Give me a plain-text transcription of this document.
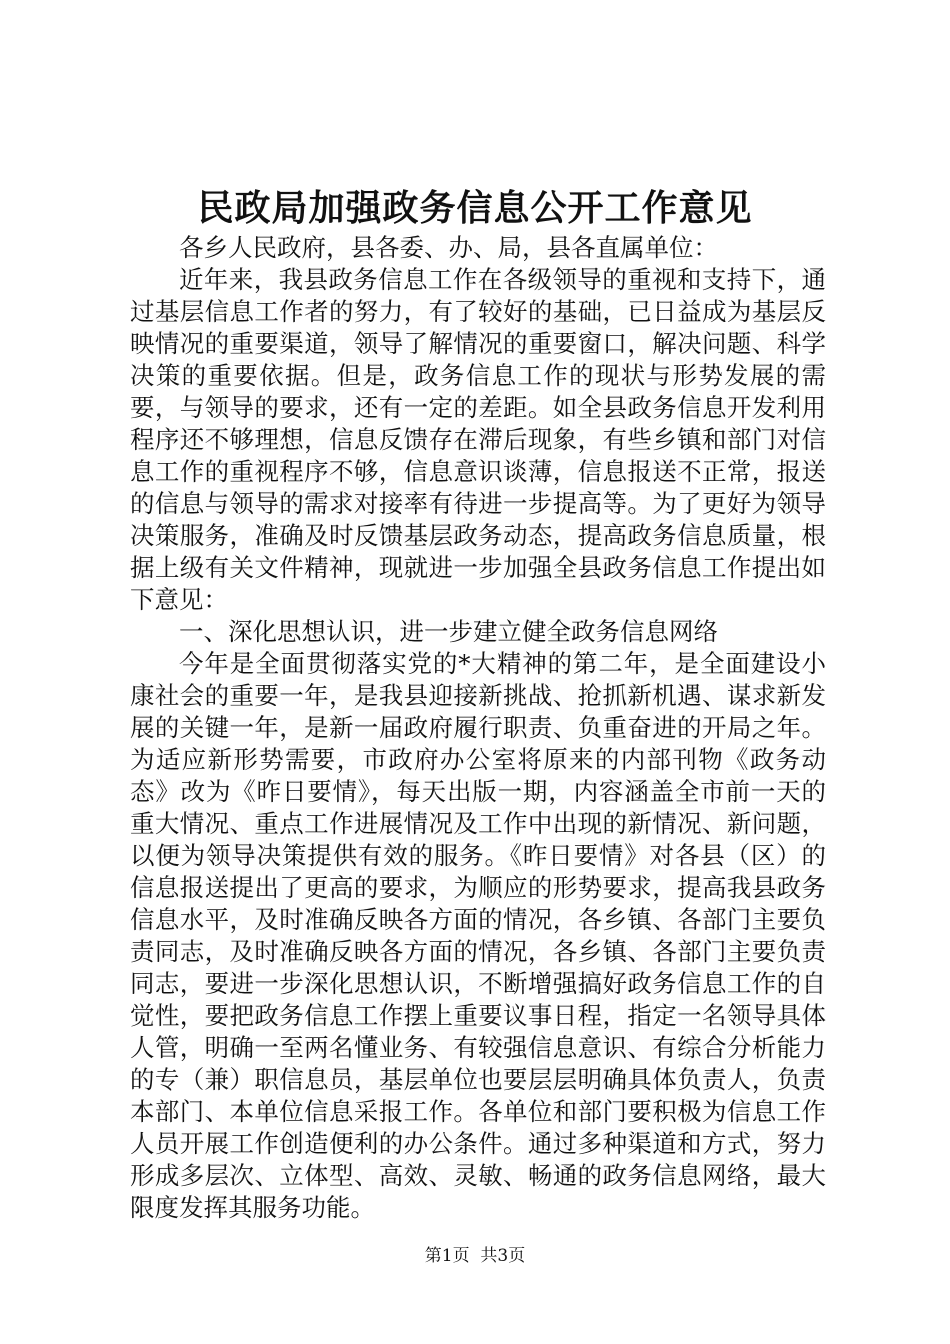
民政局加强政务信息公开工作意见

各乡人民政府，县各委、办、局，县各直属单位：

近年来，我县政务信息工作在各级领导的重视和支持下，通过基层信息工作者的努力，有了较好的基础，已日益成为基层反映情况的重要渠道，领导了解情况的重要窗口，解决问题、科学决策的重要依据。但是，政务信息工作的现状与形势发展的需要，与领导的要求，还有一定的差距。如全县政务信息开发利用程序还不够理想，信息反馈存在滞后现象，有些乡镇和部门对信息工作的重视程序不够，信息意识谈薄，信息报送不正常，报送的信息与领导的需求对接率有待进一步提高等。为了更好为领导决策服务，准确及时反馈基层政务动态，提高政务信息质量，根据上级有关文件精神，现就进一步加强全县政务信息工作提出如下意见：

一、深化思想认识，进一步建立健全政务信息网络

今年是全面贯彻落实党的*大精神的第二年，是全面建设小康社会的重要一年，是我县迎接新挑战、抢抓新机遇、谋求新发展的关键一年，是新一届政府履行职责、负重奋进的开局之年。为适应新形势需要，市政府办公室将原来的内部刊物《政务动态》改为《昨日要情》，每天出版一期，内容涵盖全市前一天的重大情况、重点工作进展情况及工作中出现的新情况、新问题，以便为领导决策提供有效的服务。《昨日要情》对各县（区）的信息报送提出了更高的要求，为顺应的形势要求，提高我县政务信息水平，及时准确反映各方面的情况，各乡镇、各部门主要负责同志，及时准确反映各方面的情况，各乡镇、各部门主要负责同志，要进一步深化思想认识，不断增强搞好政务信息工作的自觉性，要把政务信息工作摆上重要议事日程，指定一名领导具体人管，明确一至两名懂业务、有较强信息意识、有综合分析能力的专（兼）职信息员，基层单位也要层层明确具体负责人，负责本部门、本单位信息采报工作。各单位和部门要积极为信息工作人员开展工作创造便利的办公条件。通过多种渠道和方式，努力形成多层次、立体型、高效、灵敏、畅通的政务信息网络，最大限度发挥其服务功能。

第1页  共3页
